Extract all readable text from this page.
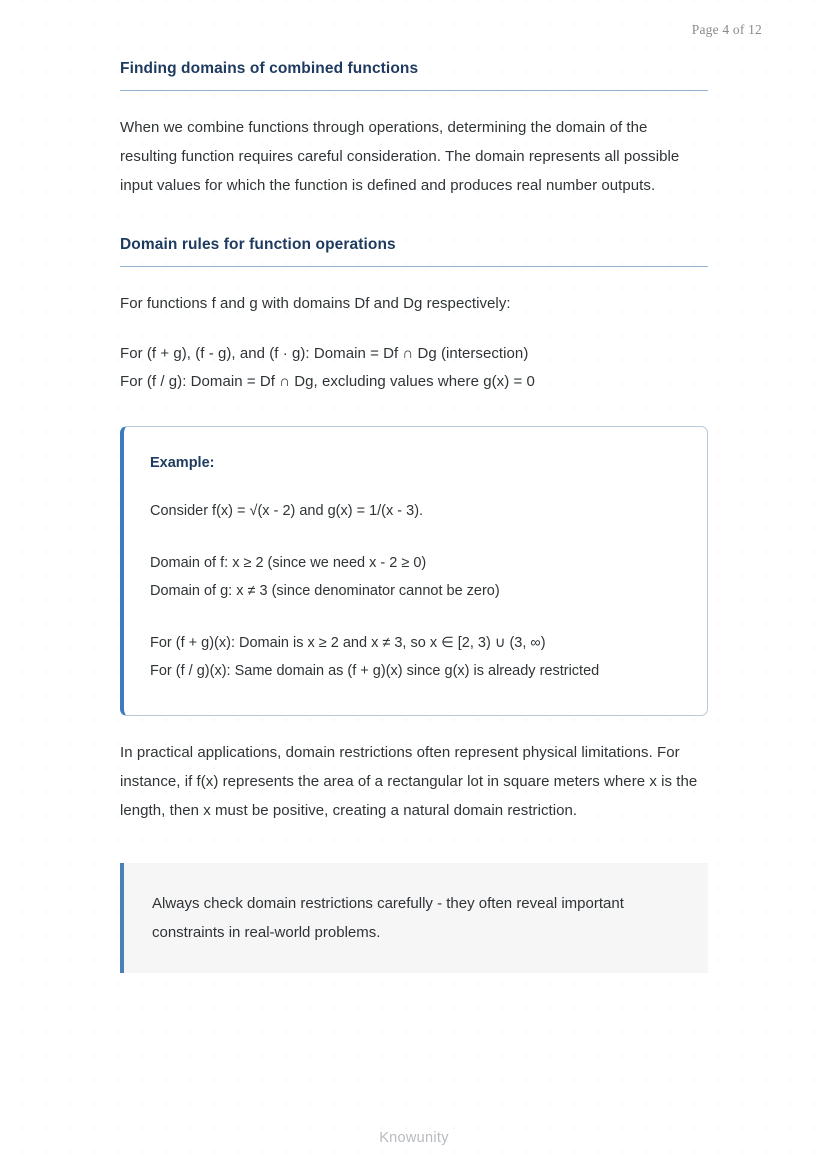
Page 4 of 12
Finding domains of combined functions

When we combine functions through operations, determining the domain of the resulting function requires careful consideration. The domain represents all possible input values for which the function is defined and produces real number outputs.

Domain rules for function operations

For functions f and g with domains Df and Dg respectively:

For (f + g), (f - g), and (f · g): Domain = Df ∩ Dg (intersection)

For (f / g): Domain = Df ∩ Dg, excluding values where g(x) = 0

Example:

Consider f(x) = √(x - 2) and g(x) = 1/(x - 3).

Domain of f: x ≥ 2 (since we need x - 2 ≥ 0)

Domain of g: x ≠ 3 (since denominator cannot be zero)

For (f + g)(x): Domain is x ≥ 2 and x ≠ 3, so x ∈ [2, 3) ∪ (3, ∞)

For (f / g)(x): Same domain as (f + g)(x) since g(x) is already restricted

In practical applications, domain restrictions often represent physical limitations. For instance, if f(x) represents the area of a rectangular lot in square meters where x is the length, then x must be positive, creating a natural domain restriction.

Always check domain restrictions carefully - they often reveal important constraints in real-world problems.

Knowunity
